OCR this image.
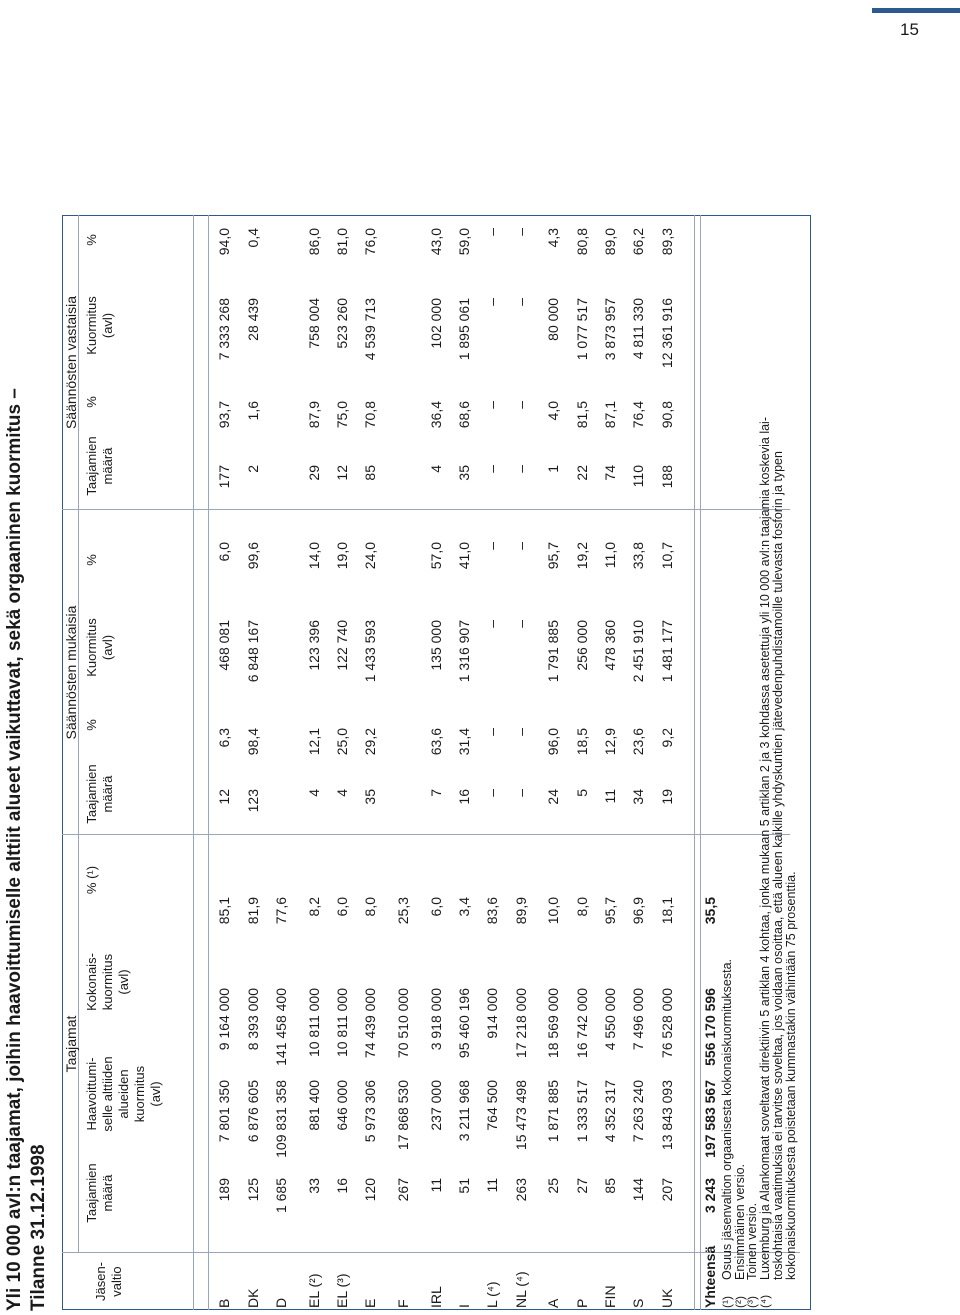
15
Yli 10 000 avl:n taajamat, joihin haavoittumiselle alttiit alueet vaikuttavat, sekä orgaaninen kuormitus – Tilanne 31.12.1998
Taajamat
Säännösten mukaisia
Säännösten vastaisia
Jäsen-
valtio
Taajamien
määrä
Haavoittumi-
selle alttiiden
alueiden
kuormitus
(avl)
Kokonais-
kuormitus
(avl)
% (¹)
Taajamien
määrä
%
Kuormitus
(avl)
%
Taajamien
määrä
%
Kuormitus
(avl)
%
B
189
7 801 350
9 164 000
85,1
12
6,3
468 081
6,0
177
93,7
7 333 268
94,0
DK
125
6 876 605
8 393 000
81,9
123
98,4
6 848 167
99,6
2
1,6
28 439
0,4
D
1 685
109 831 358
141 458 400
77,6
EL (²)
33
881 400
10 811 000
8,2
4
12,1
123 396
14,0
29
87,9
758 004
86,0
EL (³)
16
646 000
10 811 000
6,0
4
25,0
122 740
19,0
12
75,0
523 260
81,0
E
120
5 973 306
74 439 000
8,0
35
29,2
1 433 593
24,0
85
70,8
4 539 713
76,0
F
267
17 868 530
70 510 000
25,3
IRL
11
237 000
3 918 000
6,0
7
63,6
135 000
57,0
4
36,4
102 000
43,0
I
51
3 211 968
95 460 196
3,4
16
31,4
1 316 907
41,0
35
68,6
1 895 061
59,0
L (⁴)
11
764 500
914 000
83,6
–
–
–
–
–
–
–
–
NL (⁴)
263
15 473 498
17 218 000
89,9
–
–
–
–
–
–
–
–
A
25
1 871 885
18 569 000
10,0
24
96,0
1 791 885
95,7
1
4,0
80 000
4,3
P
27
1 333 517
16 742 000
8,0
5
18,5
256 000
19,2
22
81,5
1 077 517
80,8
FIN
85
4 352 317
4 550 000
95,7
11
12,9
478 360
11,0
74
87,1
3 873 957
89,0
S
144
7 263 240
7 496 000
96,9
34
23,6
2 451 910
33,8
110
76,4
4 811 330
66,2
UK
207
13 843 093
76 528 000
18,1
19
9,2
1 481 177
10,7
188
90,8
12 361 916
89,3
Yhteensä
3 243
197 583 567
556 170 596
35,5
(¹)
Osuus jäsenvaltion orgaanisesta kokonaiskuormituksesta.
(²)
Ensimmäinen versio.
(³)
Toinen versio.
(⁴)
Luxemburg ja Alankomaat soveltavat direktiivin 5 artiklan 4 kohtaa, jonka mukaan 5 artiklan 2 ja 3 kohdassa asetettuja yli 10 000 avl:n taajamia koskevia lai-
toskohtaisia vaatimuksia ei tarvitse soveltaa, jos voidaan osoittaa, että alueen kaikille yhdyskuntien jätevedenpuhdistamoille tulevasta fosforin ja typen
kokonaiskuormituksesta poistetaan kummastakin vähintään 75 prosenttia.
